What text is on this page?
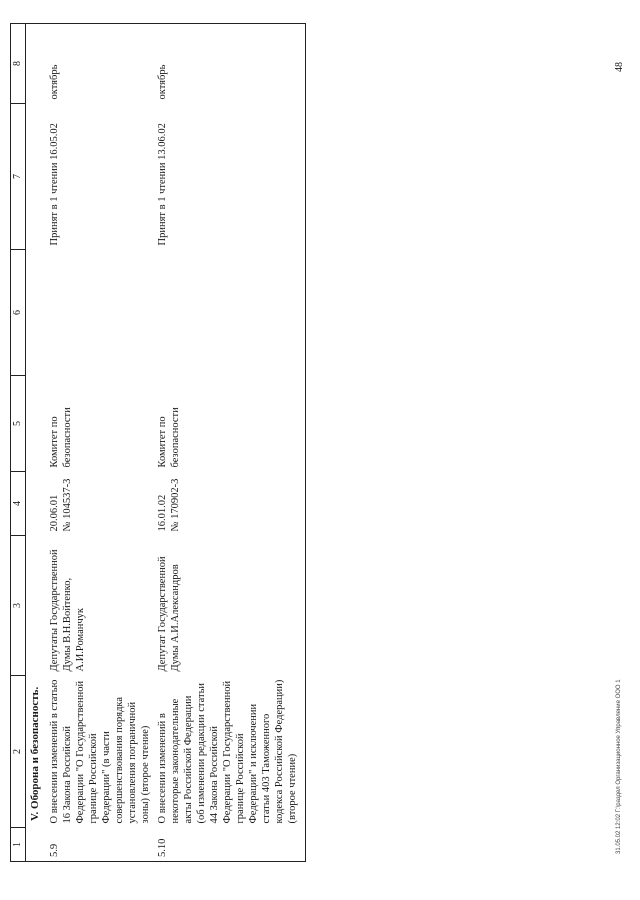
1	2	3	4	5	6	7	8
V. Оборона и безопасность.							
5.9	О внесении изменений в статью 16 Закона Российской Федерации "О Государственной границе Российской Федерации" (в части совершенствования порядка установления пограничной зоны) (второе чтение)	Депутаты Государственной Думы В.Н.Войтенко, А.И.Романчук	20.06.01
№ 104537-3	Комитет по безопасности		Принят в 1 чтении 16.05.02	октябрь
5.10	О внесении изменений в некоторые законодательные акты Российской Федерации (об изменении редакции статьи 44 Закона Российской Федерации "О Государственной границе Российской Федерации" и исключении статьи 403 Таможенного кодекса Российской Федерации) (второе чтение)	Депутат Государственной Думы А.И.Александров	16.01.02
№ 170902-3	Комитет по безопасности		Принят в 1 чтении 13.06.02	октябрь
31.05.02 12:02 Г:\раздел Организационное Управление ООО 1
48
